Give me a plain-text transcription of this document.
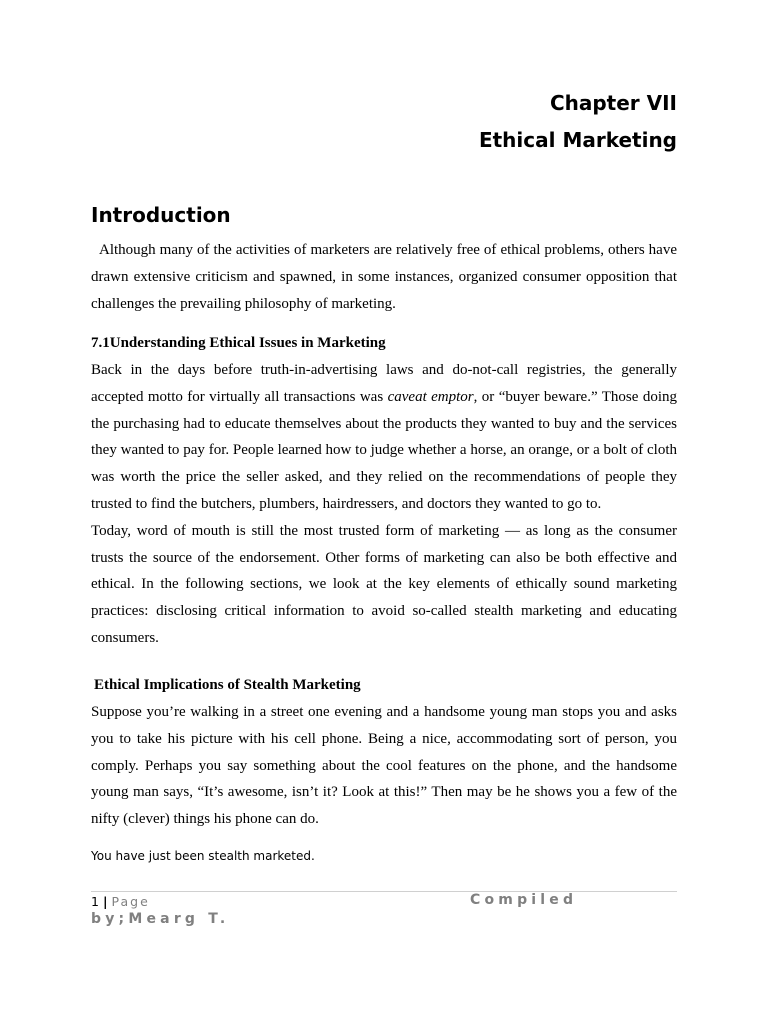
Chapter VII
Ethical Marketing
Introduction

Although many of the activities of marketers are relatively free of ethical problems, others have drawn extensive criticism and spawned, in some instances, organized consumer opposition that challenges the prevailing philosophy of marketing.

7.1Understanding Ethical Issues in Marketing

Back in the days before truth-in-advertising laws and do-not-call registries, the generally accepted motto for virtually all transactions was caveat emptor, or “buyer beware.” Those doing the purchasing had to educate themselves about the products they wanted to buy and the services they wanted to pay for. People learned how to judge whether a horse, an orange, or a bolt of cloth was worth the price the seller asked, and they relied on the recommendations of people they trusted to find the butchers, plumbers, hairdressers, and doctors they wanted to go to.

Today, word of mouth is still the most trusted form of marketing — as long as the consumer trusts the source of the endorsement. Other forms of marketing can also be both effective and ethical. In the following sections, we look at the key elements of ethically sound marketing practices: disclosing critical information to avoid so-called stealth marketing and educating consumers.

Ethical Implications of Stealth Marketing

Suppose you’re walking in a street one evening and a handsome young man stops you and asks you to take his picture with his cell phone. Being a nice, accommodating sort of person, you comply. Perhaps you say something about the cool features on the phone, and the handsome young man says, “It’s awesome, isn’t it? Look at this!” Then may be he shows you a few of the nifty (clever) things his phone can do.

You have just been stealth marketed.
1 | Page	Compiled
by;Mearg T.
